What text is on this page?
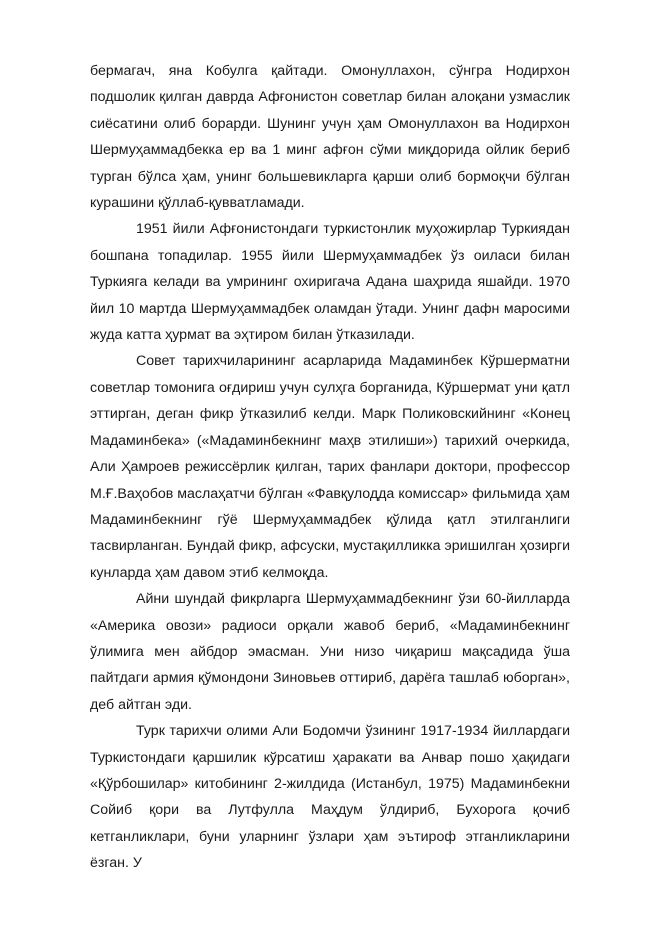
бермагач, яна Кобулга қайтади. Омонуллахон, сўнгра Нодирхон подшолик қилган даврда Афғонистон советлар билан алоқани узмаслик сиёсатини олиб борарди. Шунинг учун ҳам Омонуллахон ва Нодирхон Шермуҳаммадбекка ер ва 1 минг афғон сўми миқдорида ойлик бериб турган бўлса ҳам, унинг большевикларга қарши олиб бормоқчи бўлган курашини қўллаб-қувватламади.

1951 йили Афғонистондаги туркистонлик муҳожирлар Туркиядан бошпана топадилар. 1955 йили Шермуҳаммадбек ўз оиласи билан Туркияга келади ва умрининг охиригача Адана шаҳрида яшайди. 1970 йил 10 мартда Шермуҳаммадбек оламдан ўтади. Унинг дафн маросими жуда катта ҳурмат ва эҳтиром билан ўтказилади.

Совет тарихчиларининг асарларида Мадаминбек Кўршерматни советлар томонига оғдириш учун сулҳга борганида, Кўршермат уни қатл эттирган, деган фикр ўтказилиб келди. Марк Поликовскийнинг «Конец Мадаминбека» («Мадаминбекнинг маҳв этилиши») тарихий очеркида, Али Ҳамроев режиссёрлик қилган, тарих фанлари доктори, профессор М.Ғ.Ваҳобов маслаҳатчи бўлган «Фавқулодда комиссар» фильмида ҳам Мадаминбекнинг гўё Шермуҳаммадбек қўлида қатл этилганлиги тасвирланган. Бундай фикр, афсуски, мустақилликка эришилган ҳозирги кунларда ҳам давом этиб келмоқда.

Айни шундай фикрларга Шермуҳаммадбекнинг ўзи 60-йилларда «Америка овози» радиоси орқали жавоб бериб, «Мадаминбекнинг ўлимига мен айбдор эмасман. Уни низо чиқариш мақсадида ўша пайтдаги армия қўмондони Зиновьев оттириб, дарёга ташлаб юборган», деб айтган эди.

Турк тарихчи олими Али Бодомчи ўзининг 1917-1934 йиллардаги Туркистондаги қаршилик кўрсатиш ҳаракати ва Анвар пошо ҳақидаги «Қўрбошилар» китобининг 2-жилдида (Истанбул, 1975) Мадаминбекни Сойиб қори ва Лутфулла Маҳдум ўлдириб, Бухорога қочиб кетганликлари, буни уларнинг ўзлари ҳам эътироф этганликларини ёзган. У
